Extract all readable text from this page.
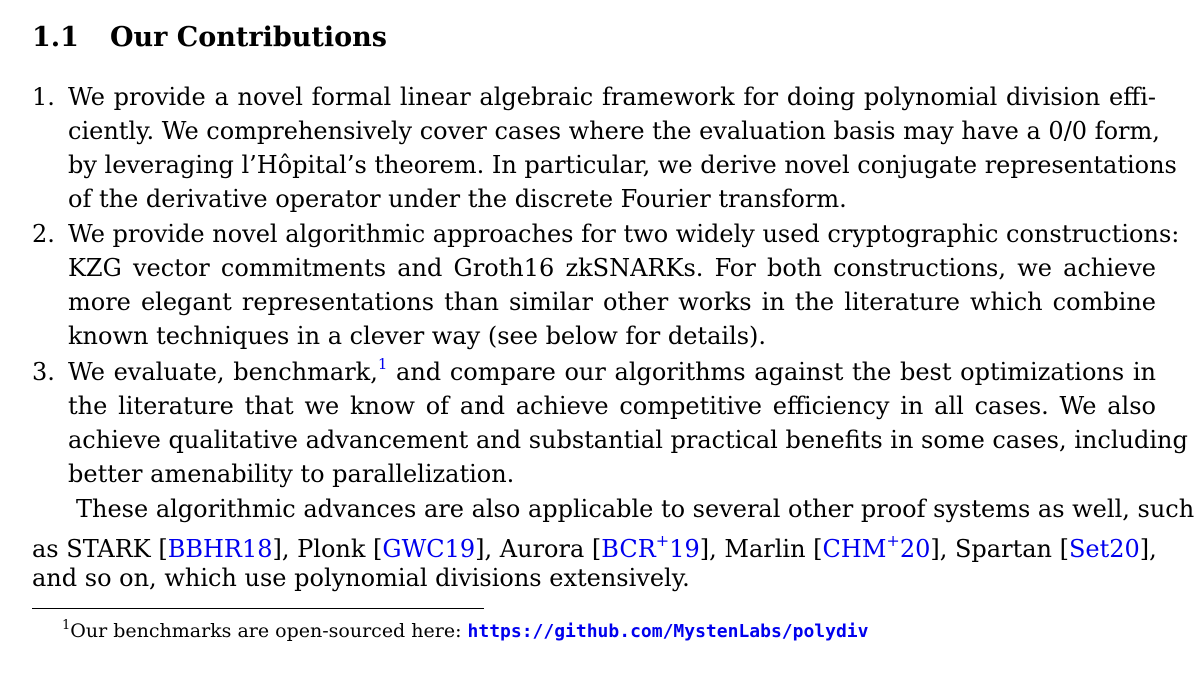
1.1 Our Contributions
1. We provide a novel formal linear algebraic framework for doing polynomial division effi-
ciently. We comprehensively cover cases where the evaluation basis may have a 0/0 form,
by leveraging l’Hôpital’s theorem. In particular, we derive novel conjugate representations
of the derivative operator under the discrete Fourier transform.
2. We provide novel algorithmic approaches for two widely used cryptographic constructions:
KZG vector commitments and Groth16 zkSNARKs. For both constructions, we achieve
more elegant representations than similar other works in the literature which combine
known techniques in a clever way (see below for details).
3. We evaluate, benchmark,$^1$ and compare our algorithms against the best optimizations in
the literature that we know of and achieve competitive efficiency in all cases. We also
achieve qualitative advancement and substantial practical benefits in some cases, including
better amenability to parallelization.
These algorithmic advances are also applicable to several other proof systems as well, such
as STARK [BBHR18], Plonk [GWC19], Aurora [BCR+19], Marlin [CHM+20], Spartan [Set20],
and so on, which use polynomial divisions extensively.
$^1$Our benchmarks are open-sourced here: https://github.com/MystenLabs/polydiv
